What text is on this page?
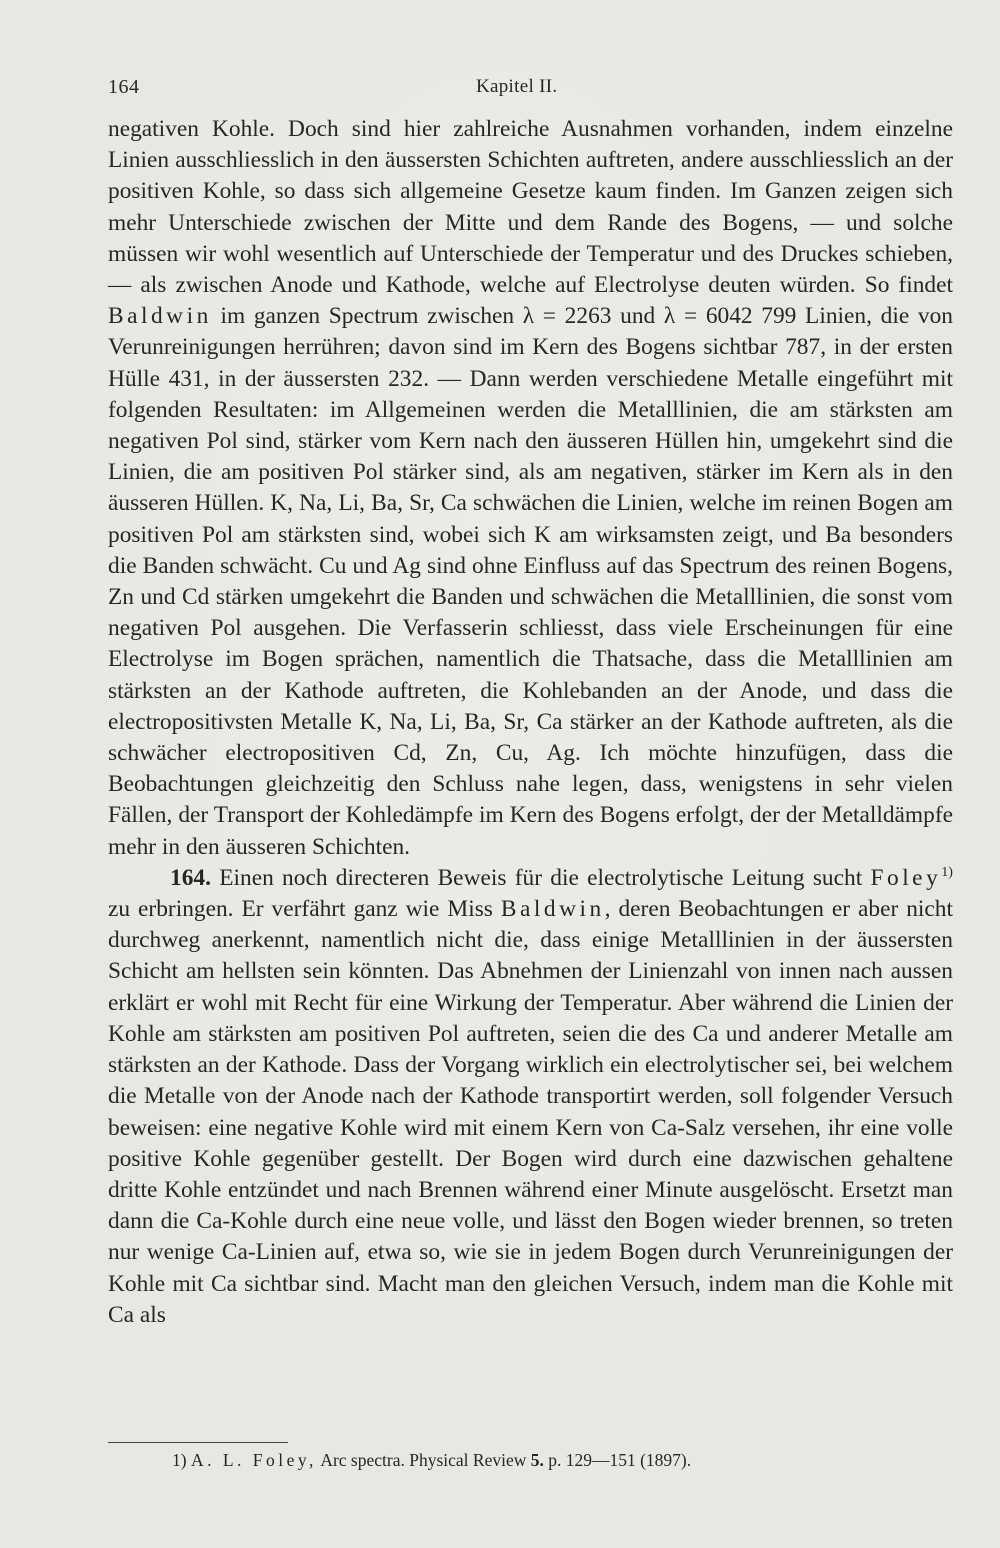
164	Kapitel II.

negativen Kohle. Doch sind hier zahlreiche Ausnahmen vorhanden, indem einzelne Linien ausschliesslich in den äussersten Schichten auftreten, andere ausschliesslich an der positiven Kohle, so dass sich allgemeine Gesetze kaum finden. Im Ganzen zeigen sich mehr Unterschiede zwischen der Mitte und dem Rande des Bogens, — und solche müssen wir wohl wesentlich auf Unterschiede der Temperatur und des Druckes schieben, — als zwischen Anode und Kathode, welche auf Electrolyse deuten würden. So findet Baldwin im ganzen Spectrum zwischen λ = 2263 und λ = 6042 799 Linien, die von Verunreinigungen herrühren; davon sind im Kern des Bogens sichtbar 787, in der ersten Hülle 431, in der äussersten 232. — Dann werden verschiedene Metalle eingeführt mit folgenden Resultaten: im Allgemeinen werden die Metalllinien, die am stärksten am negativen Pol sind, stärker vom Kern nach den äusseren Hüllen hin, umgekehrt sind die Linien, die am positiven Pol stärker sind, als am negativen, stärker im Kern als in den äusseren Hüllen. K, Na, Li, Ba, Sr, Ca schwächen die Linien, welche im reinen Bogen am positiven Pol am stärksten sind, wobei sich K am wirksamsten zeigt, und Ba besonders die Banden schwächt. Cu und Ag sind ohne Einfluss auf das Spectrum des reinen Bogens, Zn und Cd stärken umgekehrt die Banden und schwächen die Metalllinien, die sonst vom negativen Pol ausgehen. Die Verfasserin schliesst, dass viele Erscheinungen für eine Electrolyse im Bogen sprächen, namentlich die Thatsache, dass die Metalllinien am stärksten an der Kathode auftreten, die Kohlebanden an der Anode, und dass die electropositivsten Metalle K, Na, Li, Ba, Sr, Ca stärker an der Kathode auftreten, als die schwächer electropositiven Cd, Zn, Cu, Ag. Ich möchte hinzufügen, dass die Beobachtungen gleichzeitig den Schluss nahe legen, dass, wenigstens in sehr vielen Fällen, der Transport der Kohledämpfe im Kern des Bogens erfolgt, der der Metalldämpfe mehr in den äusseren Schichten.

164. Einen noch directeren Beweis für die electrolytische Leitung sucht Foley$^{1)}$ zu erbringen. Er verfährt ganz wie Miss Baldwin, deren Beobachtungen er aber nicht durchweg anerkennt, namentlich nicht die, dass einige Metalllinien in der äussersten Schicht am hellsten sein könnten. Das Abnehmen der Linienzahl von innen nach aussen erklärt er wohl mit Recht für eine Wirkung der Temperatur. Aber während die Linien der Kohle am stärksten am positiven Pol auftreten, seien die des Ca und anderer Metalle am stärksten an der Kathode. Dass der Vorgang wirklich ein electrolytischer sei, bei welchem die Metalle von der Anode nach der Kathode transportirt werden, soll folgender Versuch beweisen: eine negative Kohle wird mit einem Kern von Ca-Salz versehen, ihr eine volle positive Kohle gegenüber gestellt. Der Bogen wird durch eine dazwischen gehaltene dritte Kohle entzündet und nach Brennen während einer Minute ausgelöscht. Ersetzt man dann die Ca-Kohle durch eine neue volle, und lässt den Bogen wieder brennen, so treten nur wenige Ca-Linien auf, etwa so, wie sie in jedem Bogen durch Verunreinigungen der Kohle mit Ca sichtbar sind. Macht man den gleichen Versuch, indem man die Kohle mit Ca als

1) A. L. Foley, Arc spectra. Physical Review 5. p. 129—151 (1897).
